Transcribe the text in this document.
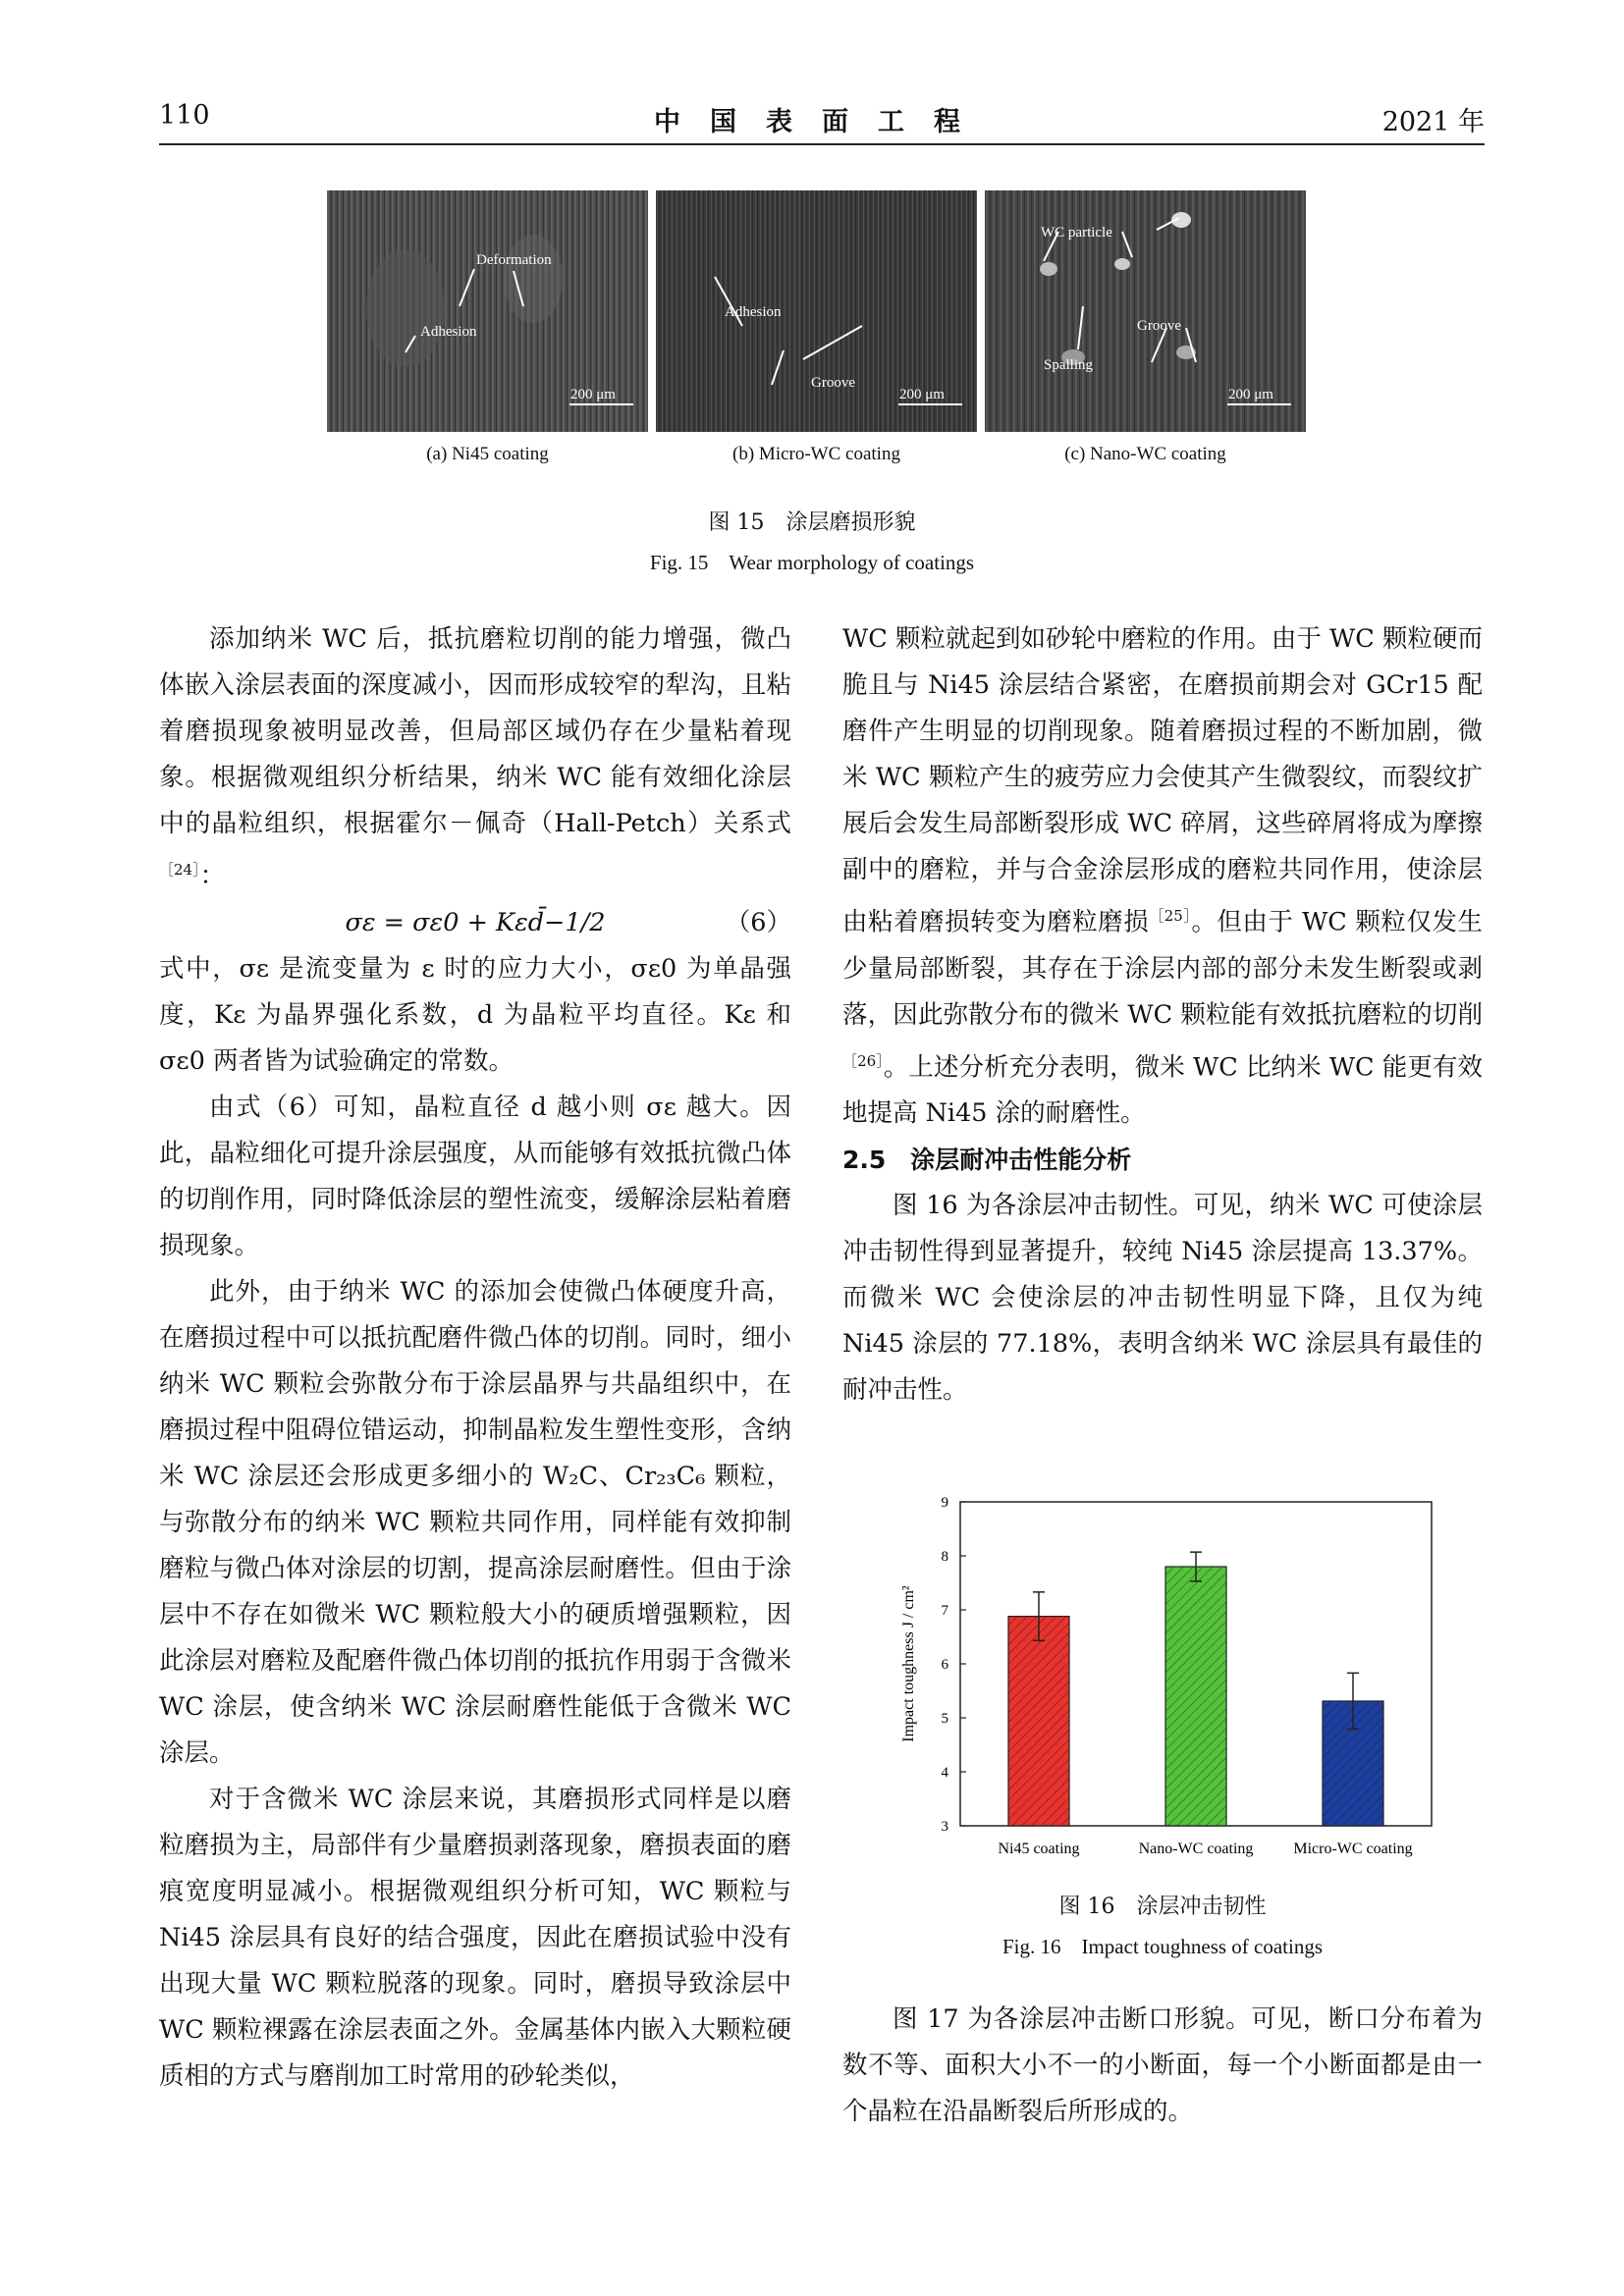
110	中国表面工程	2021 年
Deformation
Adhesion
200 μm
Adhesion
Groove
200 μm
WC particle
Spalling
Groove
200 μm
(a) Ni45 coating	(b) Micro-WC coating	(c) Nano-WC coating
图 15　涂层磨损形貌
Fig. 15　Wear morphology of coatings

添加纳米 WC 后，抵抗磨粒切削的能力增强，微凸体嵌入涂层表面的深度减小，因而形成较窄的犁沟，且粘着磨损现象被明显改善，但局部区域仍存在少量粘着现象。根据微观组织分析结果，纳米 WC 能有效细化涂层中的晶粒组织，根据霍尔－佩奇（Hall-Petch）关系式$^{[24]}$：

σε = σε0 + Kεd̄−1/2	（6）

式中，σε 是流变量为 ε 时的应力大小，σε0 为单晶强度，Kε 为晶界强化系数，d 为晶粒平均直径。Kε 和 σε0 两者皆为试验确定的常数。

由式（6）可知，晶粒直径 d 越小则 σε 越大。因此，晶粒细化可提升涂层强度，从而能够有效抵抗微凸体的切削作用，同时降低涂层的塑性流变，缓解涂层粘着磨损现象。

此外，由于纳米 WC 的添加会使微凸体硬度升高，在磨损过程中可以抵抗配磨件微凸体的切削。同时，细小纳米 WC 颗粒会弥散分布于涂层晶界与共晶组织中，在磨损过程中阻碍位错运动，抑制晶粒发生塑性变形，含纳米 WC 涂层还会形成更多细小的 W₂C、Cr₂₃C₆ 颗粒，与弥散分布的纳米 WC 颗粒共同作用，同样能有效抑制磨粒与微凸体对涂层的切割，提高涂层耐磨性。但由于涂层中不存在如微米 WC 颗粒般大小的硬质增强颗粒，因此涂层对磨粒及配磨件微凸体切削的抵抗作用弱于含微米 WC 涂层，使含纳米 WC 涂层耐磨性能低于含微米 WC 涂层。

对于含微米 WC 涂层来说，其磨损形式同样是以磨粒磨损为主，局部伴有少量磨损剥落现象，磨损表面的磨痕宽度明显减小。根据微观组织分析可知，WC 颗粒与 Ni45 涂层具有良好的结合强度，因此在磨损试验中没有出现大量 WC 颗粒脱落的现象。同时，磨损导致涂层中 WC 颗粒裸露在涂层表面之外。金属基体内嵌入大颗粒硬质相的方式与磨削加工时常用的砂轮类似，

WC 颗粒就起到如砂轮中磨粒的作用。由于 WC 颗粒硬而脆且与 Ni45 涂层结合紧密，在磨损前期会对 GCr15 配磨件产生明显的切削现象。随着磨损过程的不断加剧，微米 WC 颗粒产生的疲劳应力会使其产生微裂纹，而裂纹扩展后会发生局部断裂形成 WC 碎屑，这些碎屑将成为摩擦副中的磨粒，并与合金涂层形成的磨粒共同作用，使涂层由粘着磨损转变为磨粒磨损$^{[25]}$。但由于 WC 颗粒仅发生少量局部断裂，其存在于涂层内部的部分未发生断裂或剥落，因此弥散分布的微米 WC 颗粒能有效抵抗磨粒的切削$^{[26]}$。上述分析充分表明，微米 WC 比纳米 WC 能更有效地提高 Ni45 涂的耐磨性。

2.5　涂层耐冲击性能分析

图 16 为各涂层冲击韧性。可见，纳米 WC 可使涂层冲击韧性得到显著提升，较纯 Ni45 涂层提高 13.37%。而微米 WC 会使涂层的冲击韧性明显下降，且仅为纯 Ni45 涂层的 77.18%，表明含纳米 WC 涂层具有最佳的耐冲击性。

3
4
5
6
7
8
9
Impact toughness J / cm²
Ni45 coating	Nano-WC coating	Micro-WC coating
图 16　涂层冲击韧性
Fig. 16　Impact toughness of coatings

图 17 为各涂层冲击断口形貌。可见，断口分布着为数不等、面积大小不一的小断面，每一个小断面都是由一个晶粒在沿晶断裂后所形成的。
